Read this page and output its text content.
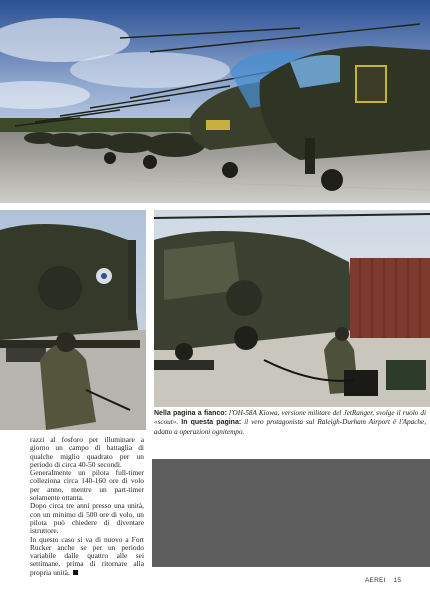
Nella pagina a fianco: l'OH-58A Kiowa, versione militare del JetRanger, svolge il ruolo di «scout». In questa pagina: il vero protagonista sul Raleigh-Durham Airport è l'Apache, adatto a operazioni ognitempo.

razzi al fosforo per illuminare a giorno un campo di battaglia di qualche miglio quadrato per un periodo di circa 40-50 secondi.

Generalmente un pilota full-timer colleziona circa 140-160 ore di volo per anno, mentre un part-timer solamente ottanta.

Dopo circa tre anni presso una unità, con un minimo di 500 ore di volo, un pilota può chiedere di diventare istruttore.

In questo caso si va di nuovo a Fort Rucker anche se per un periodo variabile dalle quattro alle sei settimane, prima di ritornare alla propria unità.

AEREI 15
